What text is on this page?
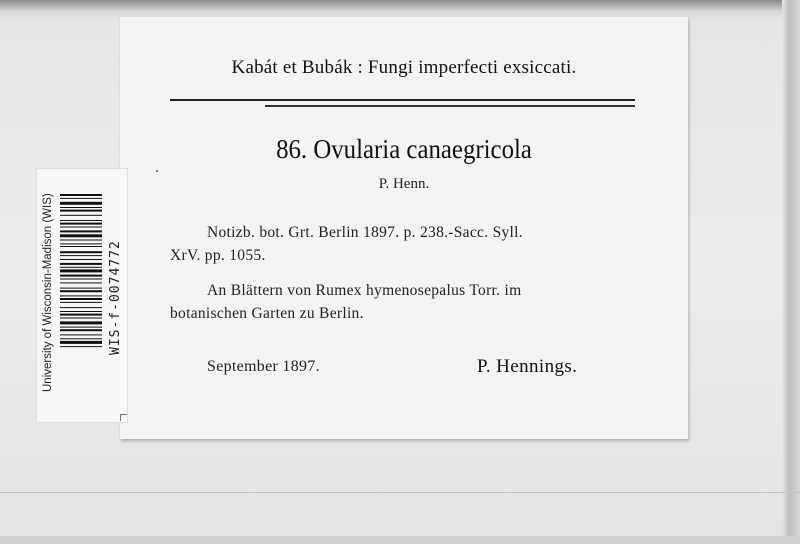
Kabát et Bubák : Fungi imperfecti exsiccati.
86. Ovularia canaegricola
P. Henn.
Notizb. bot. Grt. Berlin 1897. p. 238.-Sacc. Syll.
XrV. pp. 1055.
An Blättern von Rumex hymenosepalus Torr. im
botanischen Garten zu Berlin.
September 1897.	P. Hennings.
University of Wisconsin-Madison (WIS)	WIS-f-0074772
